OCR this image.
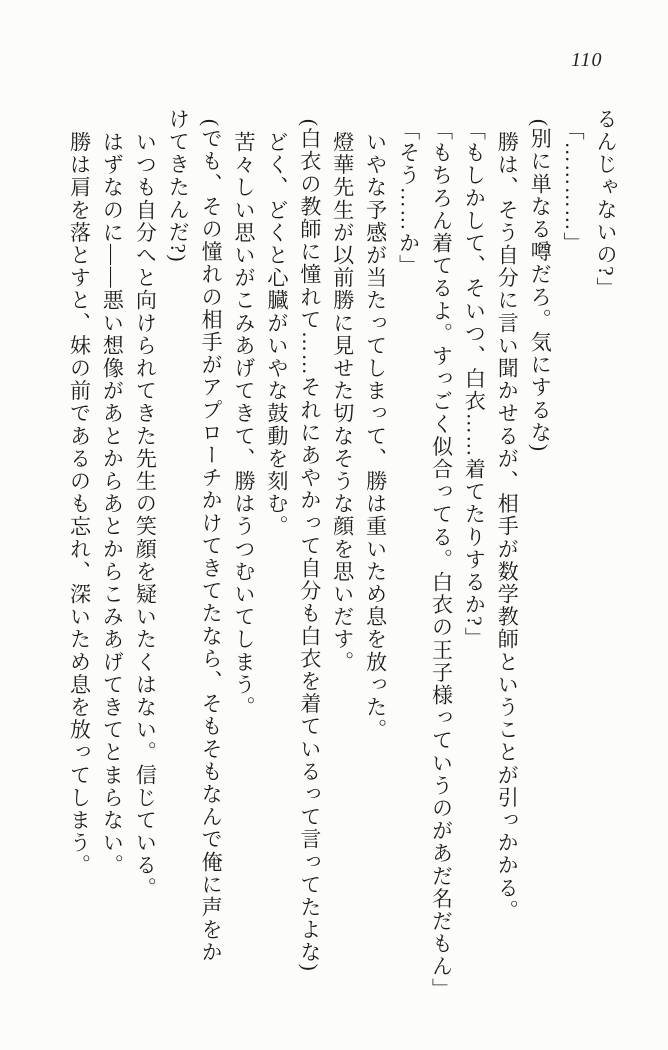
110
るんじゃないの?」
「…………」
(別に単なる噂だろ。気にするな)
勝は、そう自分に言い聞かせるが、相手が数学教師ということが引っかかる。
「もしかして、そいつ、白衣……着てたりするか?」
「もちろん着てるよ。すっごく似合ってる。白衣の王子様っていうのがあだ名だもん」
「そう……か」
いやな予感が当たってしまって、勝は重いため息を放った。
燈華先生が以前勝に見せた切なそうな顔を思いだす。
(白衣の教師に憧れて……それにあやかって自分も白衣を着ているって言ってたよな)
どく、どくと心臓がいやな鼓動を刻む。
苦々しい思いがこみあげてきて、勝はうつむいてしまう。
(でも、その憧れの相手がアプローチかけてきてたなら、そもそもなんで俺に声をか
けてきたんだ?)
いつも自分へと向けられてきた先生の笑顔を疑いたくはない。信じている。
はずなのに――悪い想像があとからあとからこみあげてきてとまらない。
勝は肩を落とすと、妹の前であるのも忘れ、深いため息を放ってしまう。
